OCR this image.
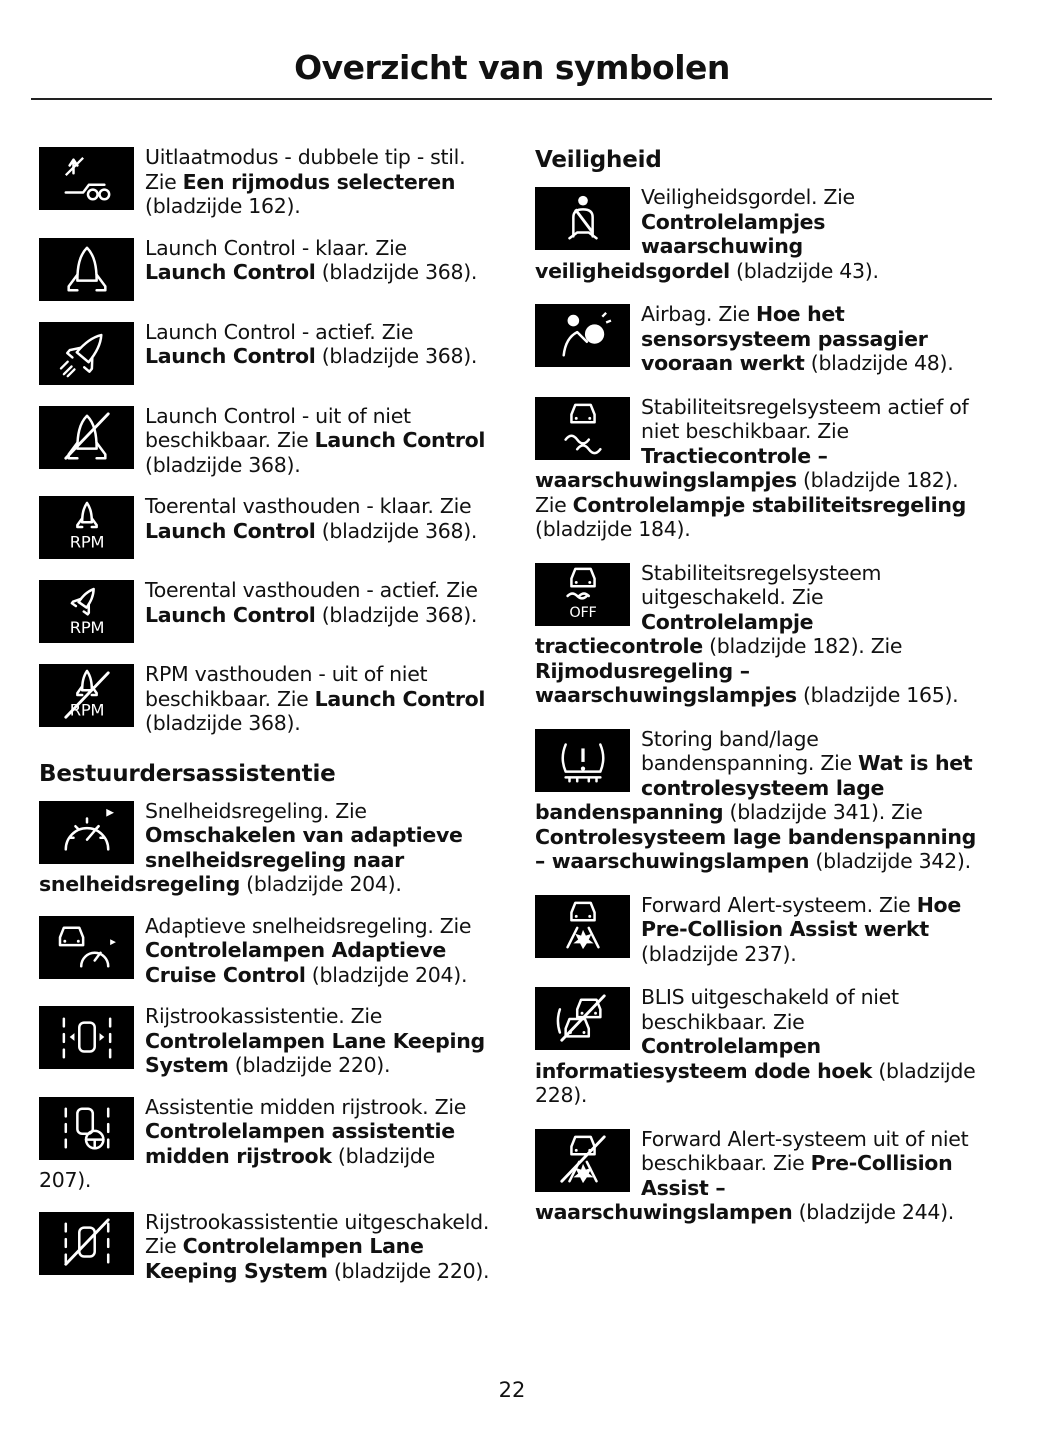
Overzicht van symbolen
Uitlaatmodus - dubbele tip - stil. Zie Een rijmodus selecteren (bladzijde 162).
Launch Control - klaar. Zie Launch Control (bladzijde 368).
Launch Control - actief. Zie Launch Control (bladzijde 368).
Launch Control - uit of niet beschikbaar. Zie Launch Control (bladzijde 368).
RPM
Toerental vasthouden - klaar. Zie Launch Control (bladzijde 368).
RPM
Toerental vasthouden - actief. Zie Launch Control (bladzijde 368).
RPM
RPM vasthouden - uit of niet beschikbaar. Zie Launch Control (bladzijde 368).
Bestuurdersassistentie
Snelheidsregeling. Zie Omschakelen van adaptieve snelheidsregeling naar snelheidsregeling (bladzijde 204).
Adaptieve snelheidsregeling. Zie Controlelampen Adaptieve Cruise Control (bladzijde 204).
Rijstrookassistentie. Zie Controlelampen Lane Keeping System (bladzijde 220).
Assistentie midden rijstrook. Zie Controlelampen assistentie midden rijstrook (bladzijde 207).
Rijstrookassistentie uitgeschakeld. Zie Controlelampen Lane Keeping System (bladzijde 220).
Veiligheid
Veiligheidsgordel. Zie Controlelampjes waarschuwing veiligheidsgordel (bladzijde 43).
Airbag. Zie Hoe het sensorsysteem passagier vooraan werkt (bladzijde 48).
Stabiliteitsregelsysteem actief of niet beschikbaar. Zie Tractiecontrole – waarschuwingslampjes (bladzijde 182). Zie Controlelampje stabiliteitsregeling (bladzijde 184).
OFF
Stabiliteitsregelsysteem uitgeschakeld. Zie Controlelampje tractiecontrole (bladzijde 182). Zie Rijmodusregeling – waarschuwingslampjes (bladzijde 165).
Storing band/lage bandenspanning. Zie Wat is het controlesysteem lage bandenspanning (bladzijde 341). Zie Controlesysteem lage bandenspanning – waarschuwingslampen (bladzijde 342).
Forward Alert-systeem. Zie Hoe Pre-Collision Assist werkt (bladzijde 237).
BLIS uitgeschakeld of niet beschikbaar. Zie Controlelampen informatiesysteem dode hoek (bladzijde 228).
Forward Alert-systeem uit of niet beschikbaar. Zie Pre-Collision Assist – waarschuwingslampen (bladzijde 244).
22
